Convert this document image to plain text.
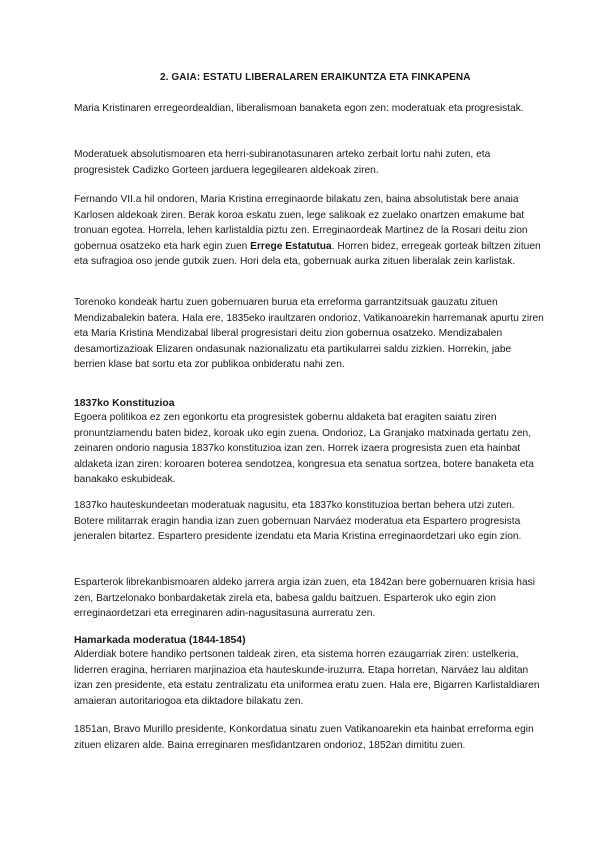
2. GAIA: ESTATU LIBERALAREN ERAIKUNTZA ETA FINKAPENA

Maria Kristinaren erregeordealdian, liberalismoan banaketa egon zen: moderatuak eta progresistak.

Moderatuek absolutismoaren eta herri-subiranotasunaren arteko zerbait lortu nahi zuten, eta progresistek Cadizko Gorteen jarduera legegilearen aldekoak ziren.

Fernando VII.a hil ondoren, Maria Kristina erreginaorde bilakatu zen, baina absolutistak bere anaia Karlosen aldekoak ziren. Berak koroa eskatu zuen, lege salikoak ez zuelako onartzen emakume bat tronuan egotea. Horrela, lehen karlistaldia piztu zen. Erreginaordeak Martinez de la Rosari deitu zion gobernua osatzeko eta hark egin zuen Errege Estatutua. Horren bidez, erregeak gorteak biltzen zituen eta sufragioa oso jende gutxik zuen. Hori dela eta, gobernuak aurka zituen liberalak zein karlistak.

Torenoko kondeak hartu zuen gobernuaren burua eta erreforma garrantzitsuak gauzatu zituen Mendizabalekin batera. Hala ere, 1835eko iraultzaren ondorioz, Vatikanoarekin harremanak apurtu ziren eta Maria Kristina Mendizabal liberal progresistari deitu zion gobernua osatzeko. Mendizabalen desamortizazioak Elizaren ondasunak nazionalizatu eta partikularrei saldu zizkien. Horrekin, jabe berrien klase bat sortu eta zor publikoa onbideratu nahi zen.

1837ko Konstituzioa

Egoera politikoa ez zen egonkortu eta progresistek gobernu aldaketa bat eragiten saiatu ziren pronuntziamendu baten bidez, koroak uko egin zuena. Ondorioz, La Granjako matxinada gertatu zen, zeinaren ondorio nagusia 1837ko konstituzioa izan zen. Horrek izaera progresista zuen eta hainbat aldaketa izan ziren: koroaren boterea sendotzea, kongresua eta senatua sortzea, botere banaketa eta banakako eskubideak.

1837ko hauteskundeetan moderatuak nagusitu, eta 1837ko konstituzioa bertan behera utzi zuten. Botere militarrak eragin handia izan zuen gobernuan Narváez moderatua eta Espartero progresista jeneralen bitartez. Espartero presidente izendatu eta Maria Kristina erreginaordetzari uko egin zion.

Esparterok librekanbismoaren aldeko jarrera argia izan zuen, eta 1842an bere gobernuaren krisia hasi zen, Bartzelonako bonbardaketak zirela eta, babesa galdu baitzuen. Esparterok uko egin zion erreginaordetzari eta erreginaren adin-nagusitasuna aurreratu zen.

Hamarkada moderatua (1844-1854)

Alderdiak botere handiko pertsonen taldeak ziren, eta sistema horren ezaugarriak ziren: ustelkeria, liderren eragina, herriaren marjinazioa eta hauteskunde-iruzurra. Etapa horretan, Narváez lau alditan izan zen presidente, eta estatu zentralizatu eta uniformea eratu zuen. Hala ere, Bigarren Karlistaldiaren amaieran autoritariogoa eta diktadore bilakatu zen.

1851an, Bravo Murillo presidente, Konkordatua sinatu zuen Vatikanoarekin eta hainbat erreforma egin zituen elizaren alde. Baina erreginaren mesfidantzaren ondorioz, 1852an dimititu zuen.
